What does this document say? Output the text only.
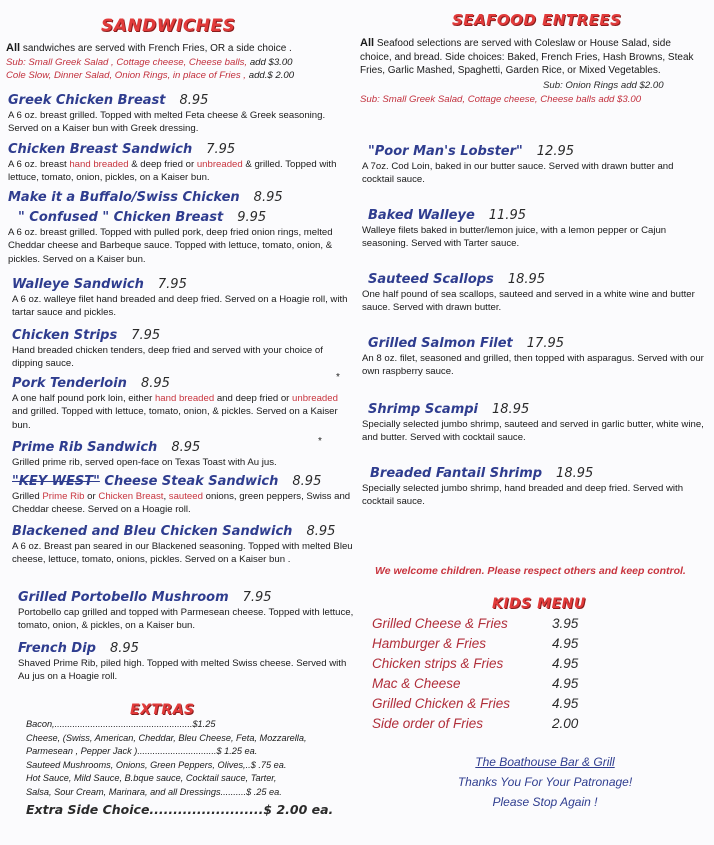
SANDWICHES
All sandwiches are served with French Fries, OR a side choice .
Sub: Small Greek Salad , Cottage cheese, Cheese balls, add $3.00
Cole Slow, Dinner Salad, Onion Rings, in place of Fries , add.$ 2.00
Greek Chicken Breast 8.95
A 6 oz. breast grilled. Topped with melted Feta cheese & Greek seasoning. Served on a Kaiser bun with Greek dressing.
Chicken Breast Sandwich 7.95
A 6 oz. breast hand breaded & deep fried or unbreaded & grilled. Topped with lettuce, tomato, onion, pickles, on a Kaiser bun.
Make it a Buffalo/Swiss Chicken 8.95
" Confused " Chicken Breast 9.95
A 6 oz. breast grilled. Topped with pulled pork, deep fried onion rings, melted Cheddar cheese and Barbeque sauce. Topped with lettuce, tomato, onion, & pickles. Served on a Kaiser bun.
Walleye Sandwich 7.95
A 6 oz. walleye filet hand breaded and deep fried. Served on a Hoagie roll, with tartar sauce and pickles.
Chicken Strips 7.95
Hand breaded chicken tenders, deep fried and served with your choice of dipping sauce.
Pork Tenderloin 8.95
A one half pound pork loin, either hand breaded and deep fried or unbreaded and grilled. Topped with lettuce, tomato, onion, & pickles. Served on a Kaiser bun.
*
Prime Rib Sandwich 8.95
Grilled prime rib, served open-face on Texas Toast with Au jus.
*
"KEY WEST" Cheese Steak Sandwich 8.95
Grilled Prime Rib or Chicken Breast, sauteed onions, green peppers, Swiss and Cheddar cheese. Served on a Hoagie roll.
Blackened and Bleu Chicken Sandwich 8.95
A 6 oz. Breast pan seared in our Blackened seasoning. Topped with melted Bleu cheese, lettuce, tomato, onions, pickles. Served on a Kaiser bun .
Grilled Portobello Mushroom 7.95
Portobello cap grilled and topped with Parmesean cheese. Topped with lettuce, tomato, onion, & pickles, on a Kaiser bun.
French Dip 8.95
Shaved Prime Rib, piled high. Topped with melted Swiss cheese. Served with Au jus on a Hoagie roll.
EXTRAS
Bacon,......................................................$1.25
Cheese, (Swiss, American, Cheddar, Bleu Cheese, Feta, Mozzarella,
Parmesean , Pepper Jack )...............................$ 1.25 ea.
Sauteed Mushrooms, Onions, Green Peppers, Olives,..$ .75 ea.
Hot Sauce, Mild Sauce, B.bque sauce, Cocktail sauce, Tarter,
Salsa, Sour Cream, Marinara, and all Dressings..........$ .25 ea.
Extra Side Choice........................$ 2.00 ea.
SEAFOOD ENTREES
All Seafood selections are served with Coleslaw or House Salad, side choice, and bread. Side choices: Baked, French Fries, Hash Browns, Steak Fries, Garlic Mashed, Spaghetti, Garden Rice, or Mixed Vegetables.
Sub: Onion Rings add $2.00
Sub: Small Greek Salad, Cottage cheese, Cheese balls add $3.00
"Poor Man's Lobster" 12.95
A 7oz. Cod Loin, baked in our butter sauce. Served with drawn butter and cocktail sauce.
Baked Walleye 11.95
Walleye filets baked in butter/lemon juice, with a lemon pepper or Cajun seasoning. Served with Tarter sauce.
Sauteed Scallops 18.95
One half pound of sea scallops, sauteed and served in a white wine and butter sauce. Served with drawn butter.
Grilled Salmon Filet 17.95
An 8 oz. filet, seasoned and grilled, then topped with asparagus. Served with our own raspberry sauce.
Shrimp Scampi 18.95
Specially selected jumbo shrimp, sauteed and served in garlic butter, white wine, and butter. Served with cocktail sauce.
Breaded Fantail Shrimp 18.95
Specially selected jumbo shrimp, hand breaded and deep fried. Served with cocktail sauce.
We welcome children. Please respect others and keep control.
KIDS MENU
Grilled Cheese & Fries	3.95
Hamburger & Fries	4.95
Chicken strips & Fries	4.95
Mac & Cheese	4.95
Grilled Chicken & Fries	4.95
Side order of Fries	2.00
The Boathouse Bar & Grill
Thanks You For Your Patronage!
Please Stop Again !
